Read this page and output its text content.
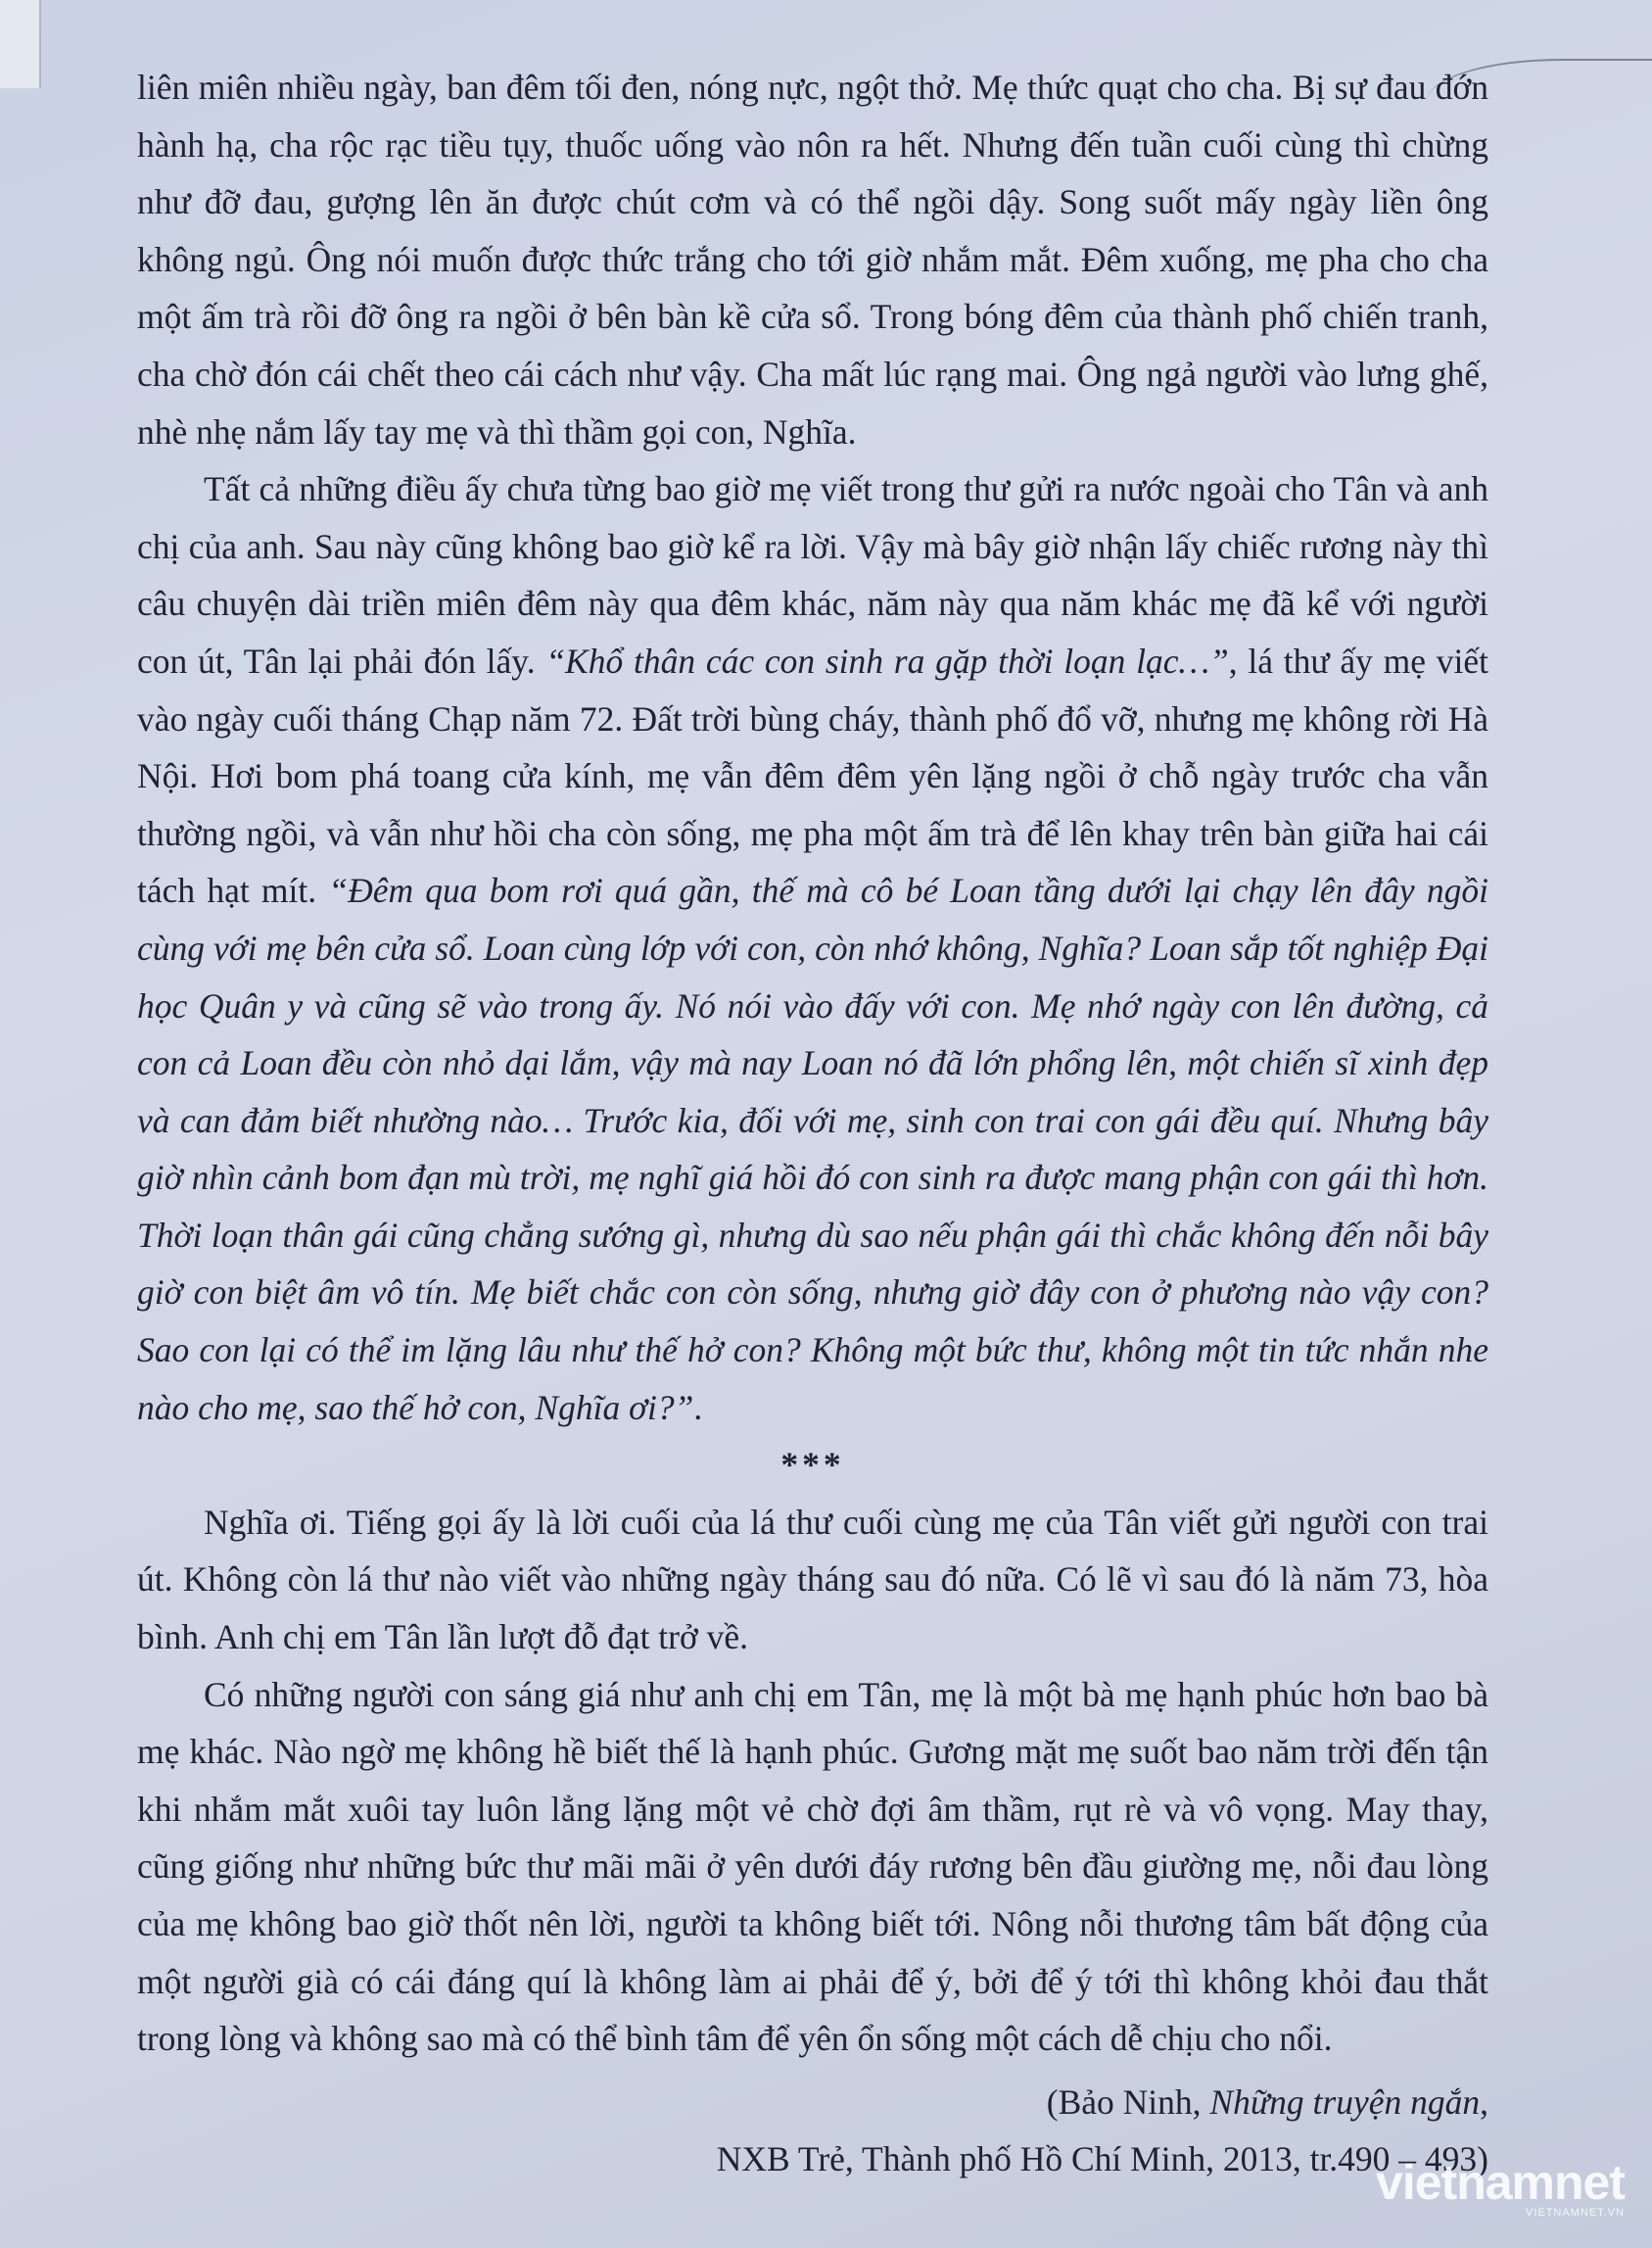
liên miên nhiều ngày, ban đêm tối đen, nóng nực, ngột thở. Mẹ thức quạt cho cha. Bị sự đau đớn hành hạ, cha rộc rạc tiều tụy, thuốc uống vào nôn ra hết. Nhưng đến tuần cuối cùng thì chừng như đỡ đau, gượng lên ăn được chút cơm và có thể ngồi dậy. Song suốt mấy ngày liền ông không ngủ. Ông nói muốn được thức trắng cho tới giờ nhắm mắt. Đêm xuống, mẹ pha cho cha một ấm trà rồi đỡ ông ra ngồi ở bên bàn kề cửa sổ. Trong bóng đêm của thành phố chiến tranh, cha chờ đón cái chết theo cái cách như vậy. Cha mất lúc rạng mai. Ông ngả người vào lưng ghế, nhè nhẹ nắm lấy tay mẹ và thì thầm gọi con, Nghĩa.

Tất cả những điều ấy chưa từng bao giờ mẹ viết trong thư gửi ra nước ngoài cho Tân và anh chị của anh. Sau này cũng không bao giờ kể ra lời. Vậy mà bây giờ nhận lấy chiếc rương này thì câu chuyện dài triền miên đêm này qua đêm khác, năm này qua năm khác mẹ đã kể với người con út, Tân lại phải đón lấy. “Khổ thân các con sinh ra gặp thời loạn lạc…”, lá thư ấy mẹ viết vào ngày cuối tháng Chạp năm 72. Đất trời bùng cháy, thành phố đổ vỡ, nhưng mẹ không rời Hà Nội. Hơi bom phá toang cửa kính, mẹ vẫn đêm đêm yên lặng ngồi ở chỗ ngày trước cha vẫn thường ngồi, và vẫn như hồi cha còn sống, mẹ pha một ấm trà để lên khay trên bàn giữa hai cái tách hạt mít. “Đêm qua bom rơi quá gần, thế mà cô bé Loan tầng dưới lại chạy lên đây ngồi cùng với mẹ bên cửa sổ. Loan cùng lớp với con, còn nhớ không, Nghĩa? Loan sắp tốt nghiệp Đại học Quân y và cũng sẽ vào trong ấy. Nó nói vào đấy với con. Mẹ nhớ ngày con lên đường, cả con cả Loan đều còn nhỏ dại lắm, vậy mà nay Loan nó đã lớn phổng lên, một chiến sĩ xinh đẹp và can đảm biết nhường nào… Trước kia, đối với mẹ, sinh con trai con gái đều quí. Nhưng bây giờ nhìn cảnh bom đạn mù trời, mẹ nghĩ giá hồi đó con sinh ra được mang phận con gái thì hơn. Thời loạn thân gái cũng chẳng sướng gì, nhưng dù sao nếu phận gái thì chắc không đến nỗi bây giờ con biệt âm vô tín. Mẹ biết chắc con còn sống, nhưng giờ đây con ở phương nào vậy con? Sao con lại có thể im lặng lâu như thế hở con? Không một bức thư, không một tin tức nhắn nhe nào cho mẹ, sao thế hở con, Nghĩa ơi?”.

***

Nghĩa ơi. Tiếng gọi ấy là lời cuối của lá thư cuối cùng mẹ của Tân viết gửi người con trai út. Không còn lá thư nào viết vào những ngày tháng sau đó nữa. Có lẽ vì sau đó là năm 73, hòa bình. Anh chị em Tân lần lượt đỗ đạt trở về.

Có những người con sáng giá như anh chị em Tân, mẹ là một bà mẹ hạnh phúc hơn bao bà mẹ khác. Nào ngờ mẹ không hề biết thế là hạnh phúc. Gương mặt mẹ suốt bao năm trời đến tận khi nhắm mắt xuôi tay luôn lẳng lặng một vẻ chờ đợi âm thầm, rụt rè và vô vọng. May thay, cũng giống như những bức thư mãi mãi ở yên dưới đáy rương bên đầu giường mẹ, nỗi đau lòng của mẹ không bao giờ thốt nên lời, người ta không biết tới. Nông nỗi thương tâm bất động của một người già có cái đáng quí là không làm ai phải để ý, bởi để ý tới thì không khỏi đau thắt trong lòng và không sao mà có thể bình tâm để yên ổn sống một cách dễ chịu cho nổi.

(Bảo Ninh, Những truyện ngắn,
NXB Trẻ, Thành phố Hồ Chí Minh, 2013, tr.490 – 493)
vietnamnet
VIETNAMNET.VN
